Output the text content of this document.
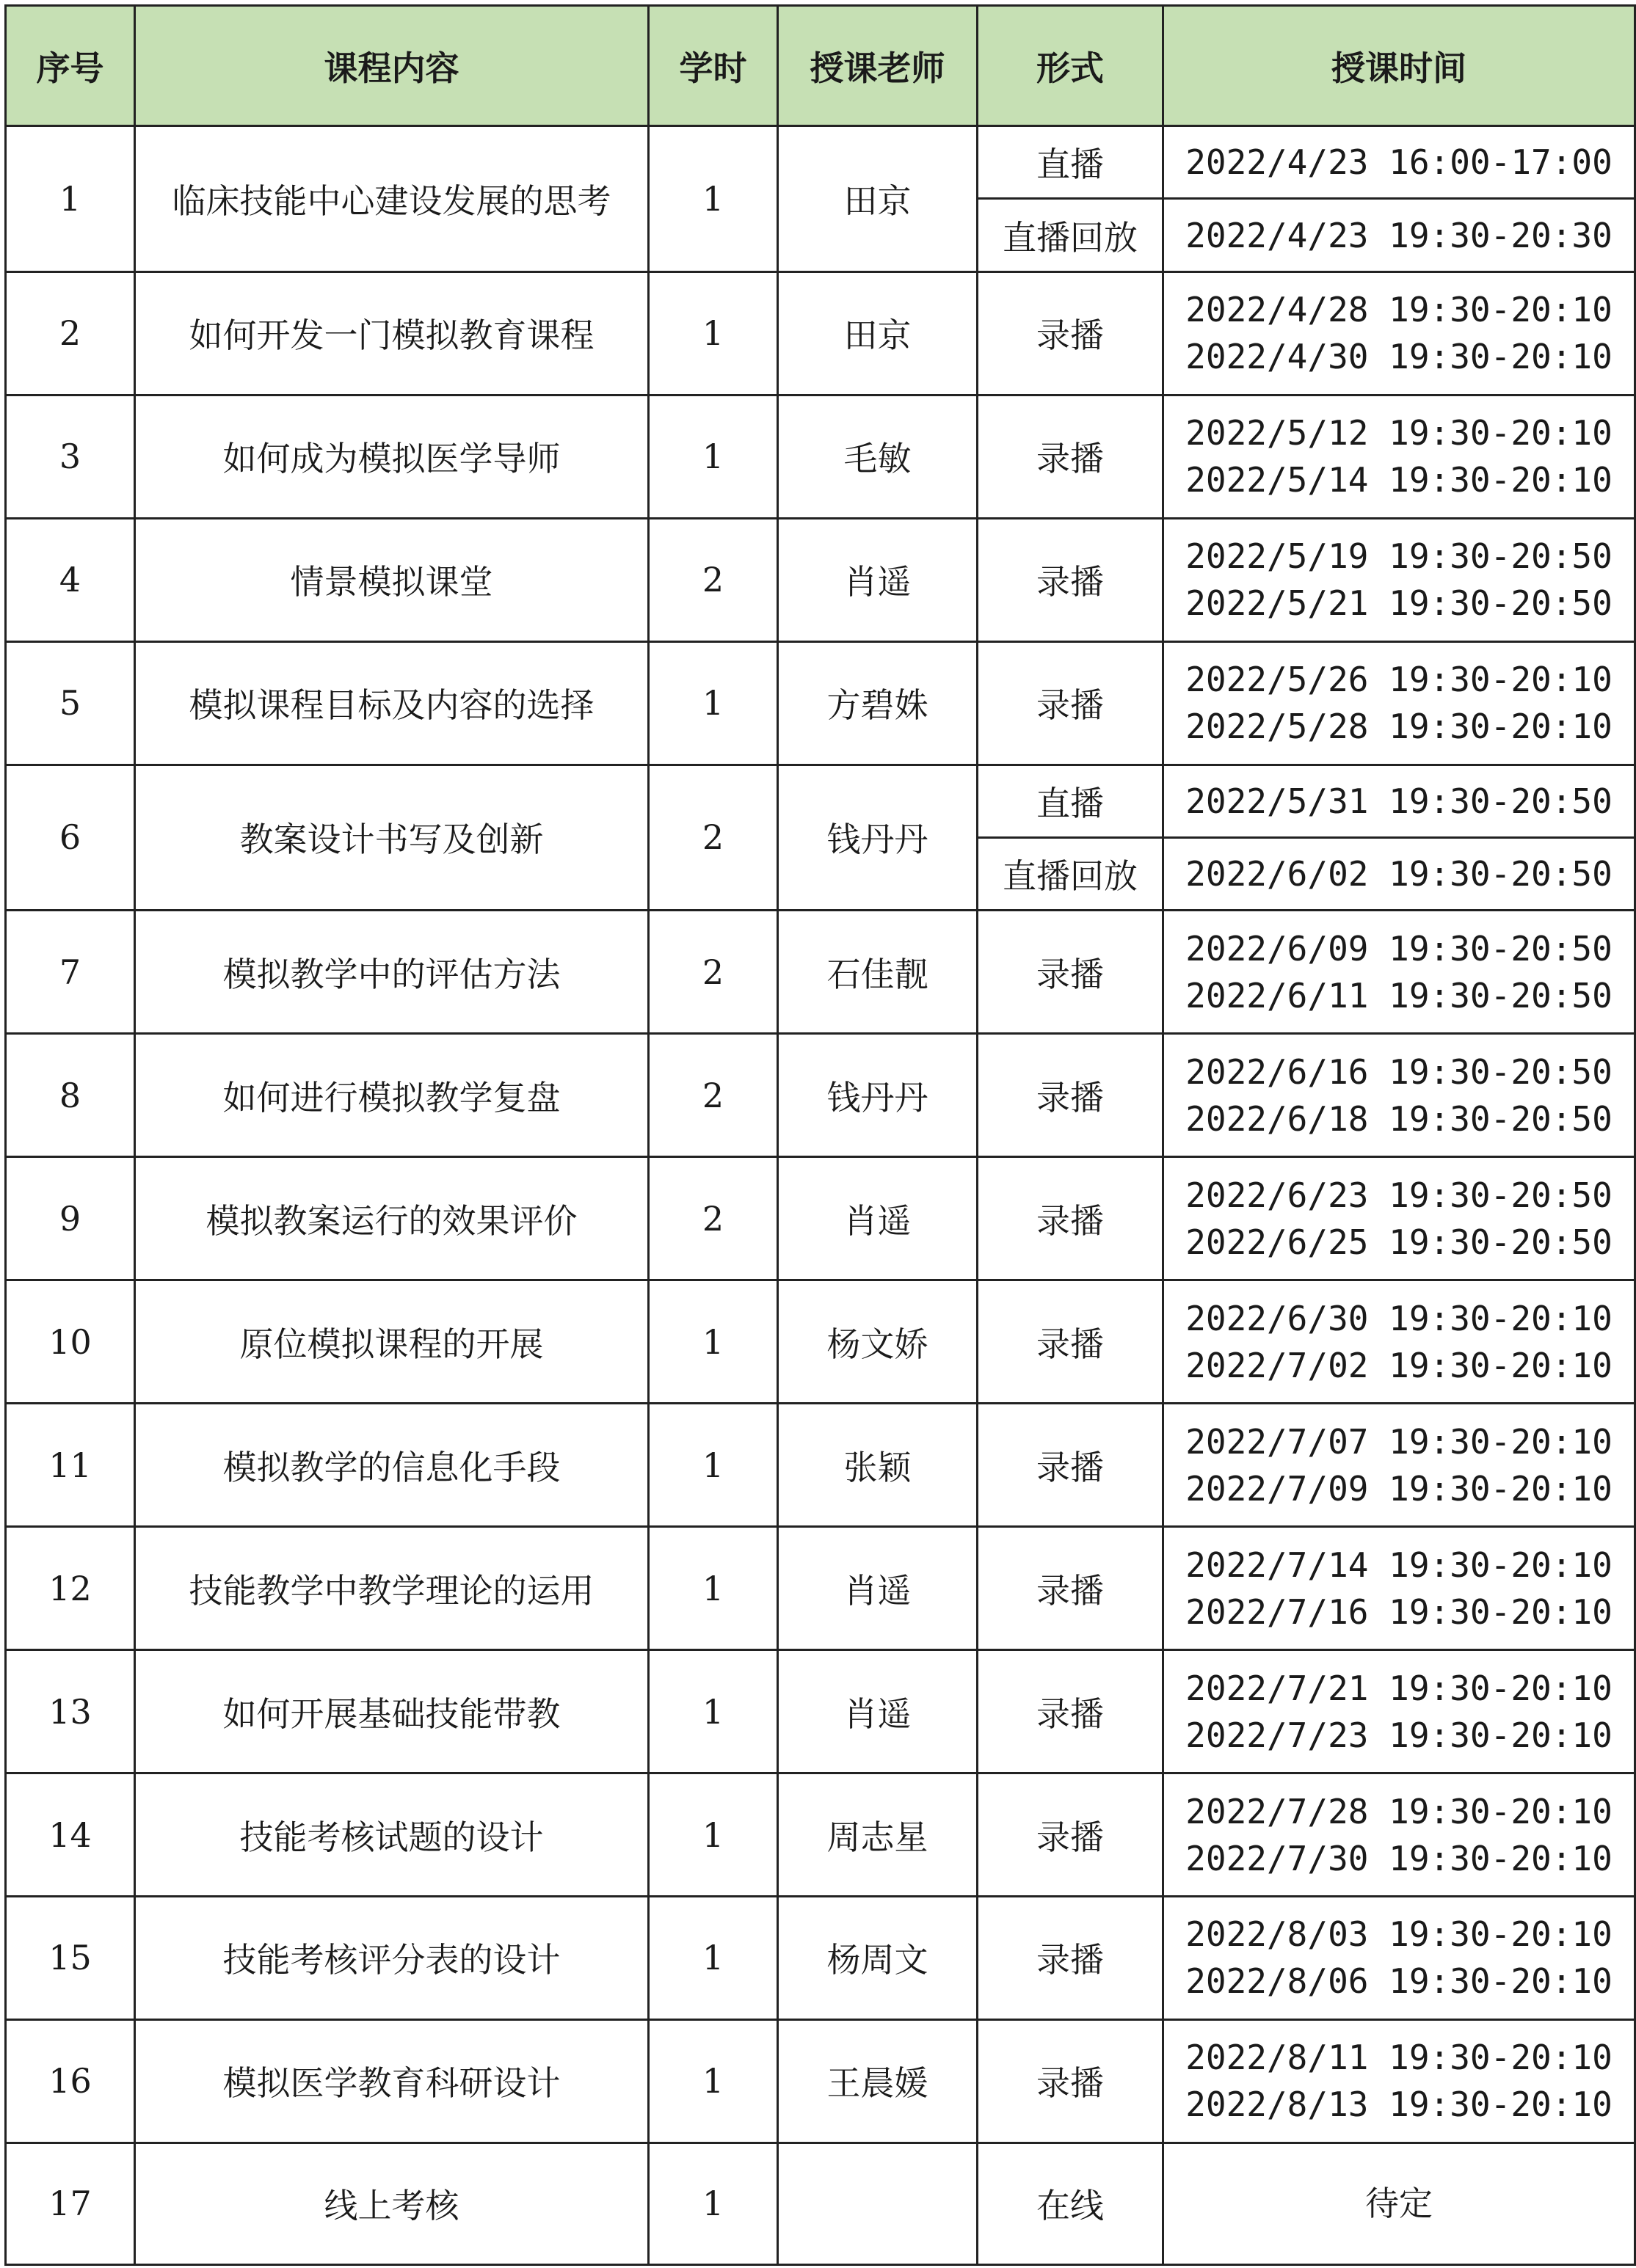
序号	课程内容	学时	授课老师	形式	授课时间
1	临床技能中心建设发展的思考	1	田京	直播	2022/4/23 16:00-17:00

				直播回放	2022/4/23 19:30-20:30

2	如何开发一门模拟教育课程	1	田京	录播	2022/4/28 19:30-20:10
2022/4/30 19:30-20:10

3	如何成为模拟医学导师	1	毛敏	录播	2022/5/12 19:30-20:10
2022/5/14 19:30-20:10

4	情景模拟课堂	2	肖遥	录播	2022/5/19 19:30-20:50
2022/5/21 19:30-20:50

5	模拟课程目标及内容的选择	1	方碧姝	录播	2022/5/26 19:30-20:10
2022/5/28 19:30-20:10

6	教案设计书写及创新	2	钱丹丹	直播	2022/5/31 19:30-20:50

				直播回放	2022/6/02 19:30-20:50

7	模拟教学中的评估方法	2	石佳靓	录播	2022/6/09 19:30-20:50
2022/6/11 19:30-20:50

8	如何进行模拟教学复盘	2	钱丹丹	录播	2022/6/16 19:30-20:50
2022/6/18 19:30-20:50

9	模拟教案运行的效果评价	2	肖遥	录播	2022/6/23 19:30-20:50
2022/6/25 19:30-20:50

10	原位模拟课程的开展	1	杨文娇	录播	2022/6/30 19:30-20:10
2022/7/02 19:30-20:10

11	模拟教学的信息化手段	1	张颖	录播	2022/7/07 19:30-20:10
2022/7/09 19:30-20:10

12	技能教学中教学理论的运用	1	肖遥	录播	2022/7/14 19:30-20:10
2022/7/16 19:30-20:10

13	如何开展基础技能带教	1	肖遥	录播	2022/7/21 19:30-20:10
2022/7/23 19:30-20:10

14	技能考核试题的设计	1	周志星	录播	2022/7/28 19:30-20:10
2022/7/30 19:30-20:10

15	技能考核评分表的设计	1	杨周文	录播	2022/8/03 19:30-20:10
2022/8/06 19:30-20:10

16	模拟医学教育科研设计	1	王晨媛	录播	2022/8/11 19:30-20:10
2022/8/13 19:30-20:10

17	线上考核	1		在线	待定
